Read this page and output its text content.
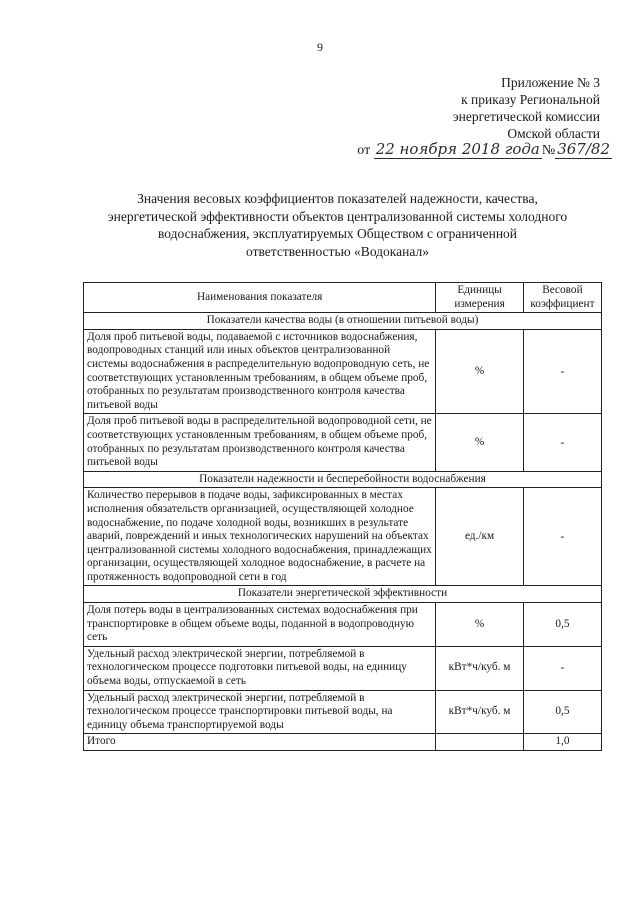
9
Приложение № 3
к приказу Региональной
энергетической комиссии
Омской области
от 22 ноября 2018 года № 367/82
Значения весовых коэффициентов показателей надежности, качества,
энергетической эффективности объектов централизованной системы холодного
водоснабжения, эксплуатируемых Обществом с ограниченной
ответственностью «Водоканал»
Наименования показателя	Единицы измерения	Весовой коэффициент
Показатели качества воды (в отношении питьевой воды)		
Доля проб питьевой воды, подаваемой с источников водоснабжения, водопроводных станций или иных объектов централизованной системы водоснабжения в распределительную водопроводную сеть, не соответствующих установленным требованиям, в общем объеме проб, отобранных по результатам производственного контроля качества питьевой воды	%	-
Доля проб питьевой воды в распределительной водопроводной сети, не соответствующих установленным требованиям, в общем объеме проб, отобранных по результатам производственного контроля качества питьевой воды	%	-
Показатели надежности и бесперебойности водоснабжения		
Количество перерывов в подаче воды, зафиксированных в местах исполнения обязательств организацией, осуществляющей холодное водоснабжение, по подаче холодной воды, возникших в результате аварий, повреждений и иных технологических нарушений на объектах централизованной системы холодного водоснабжения, принадлежащих организации, осуществляющей холодное водоснабжение, в расчете на протяженность водопроводной сети в год	ед./км	-
Показатели энергетической эффективности		
Доля потерь воды в централизованных системах водоснабжения при транспортировке в общем объеме воды, поданной в водопроводную сеть	%	0,5
Удельный расход электрической энергии, потребляемой в технологическом процессе подготовки питьевой воды, на единицу объема воды, отпускаемой в сеть	кВт*ч/куб. м	-
Удельный расход электрической энергии, потребляемой в технологическом процессе транспортировки питьевой воды, на единицу объема транспортируемой воды	кВт*ч/куб. м	0,5
Итого		1,0
